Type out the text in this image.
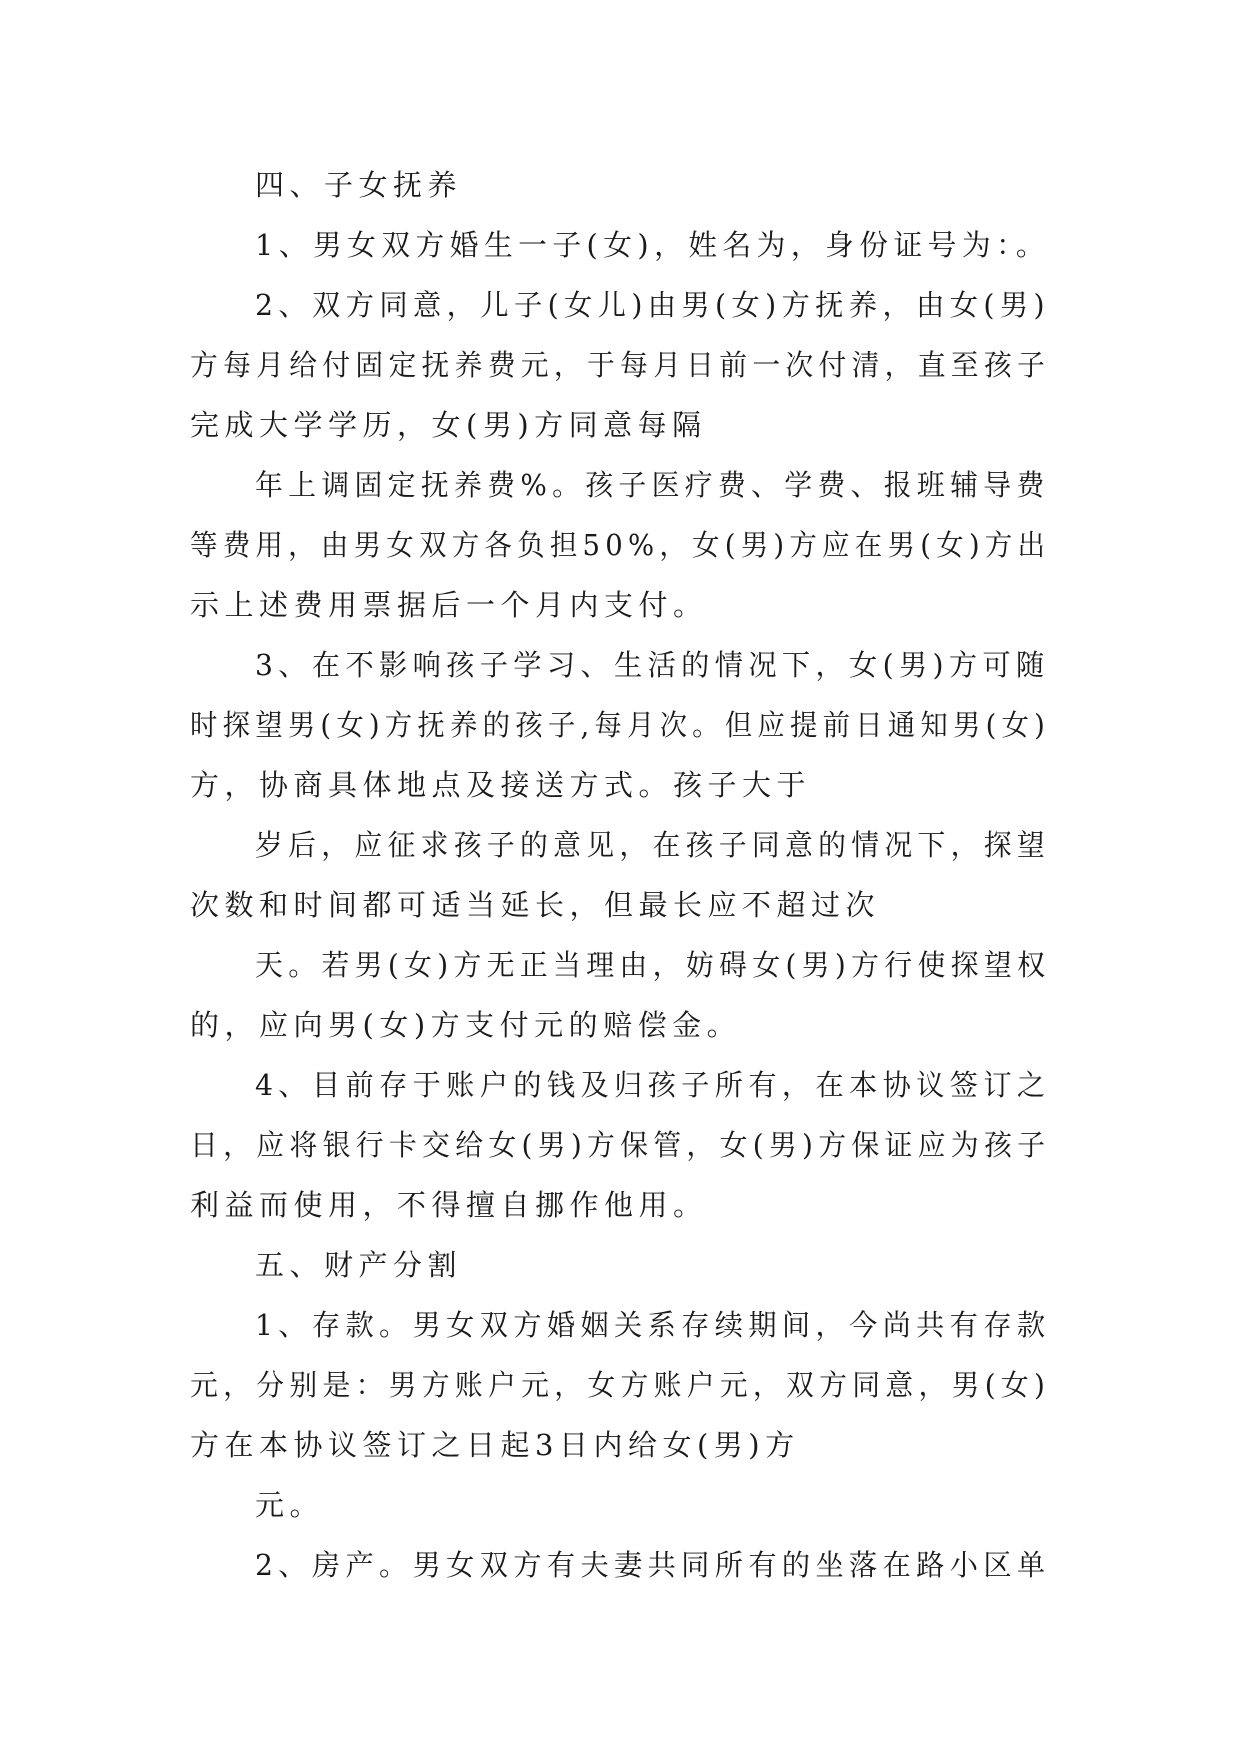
四、子女抚养

1、男女双方婚生一子(女)，姓名为，身份证号为：。

2、双方同意，儿子(女儿)由男(女)方抚养，由女(男)

方每月给付固定抚养费元，于每月日前一次付清，直至孩子

完成大学学历，女(男)方同意每隔

年上调固定抚养费%。孩子医疗费、学费、报班辅导费

等费用，由男女双方各负担50%，女(男)方应在男(女)方出

示上述费用票据后一个月内支付。

3、在不影响孩子学习、生活的情况下，女(男)方可随

时探望男(女)方抚养的孩子,每月次。但应提前日通知男(女)

方，协商具体地点及接送方式。孩子大于

岁后，应征求孩子的意见，在孩子同意的情况下，探望

次数和时间都可适当延长，但最长应不超过次

天。若男(女)方无正当理由，妨碍女(男)方行使探望权

的，应向男(女)方支付元的赔偿金。

4、目前存于账户的钱及归孩子所有，在本协议签订之

日，应将银行卡交给女(男)方保管，女(男)方保证应为孩子

利益而使用，不得擅自挪作他用。

五、财产分割

1、存款。男女双方婚姻关系存续期间，今尚共有存款

元，分别是：男方账户元，女方账户元，双方同意，男(女)

方在本协议签订之日起3日内给女(男)方

元。

2、房产。男女双方有夫妻共同所有的坐落在路小区单
